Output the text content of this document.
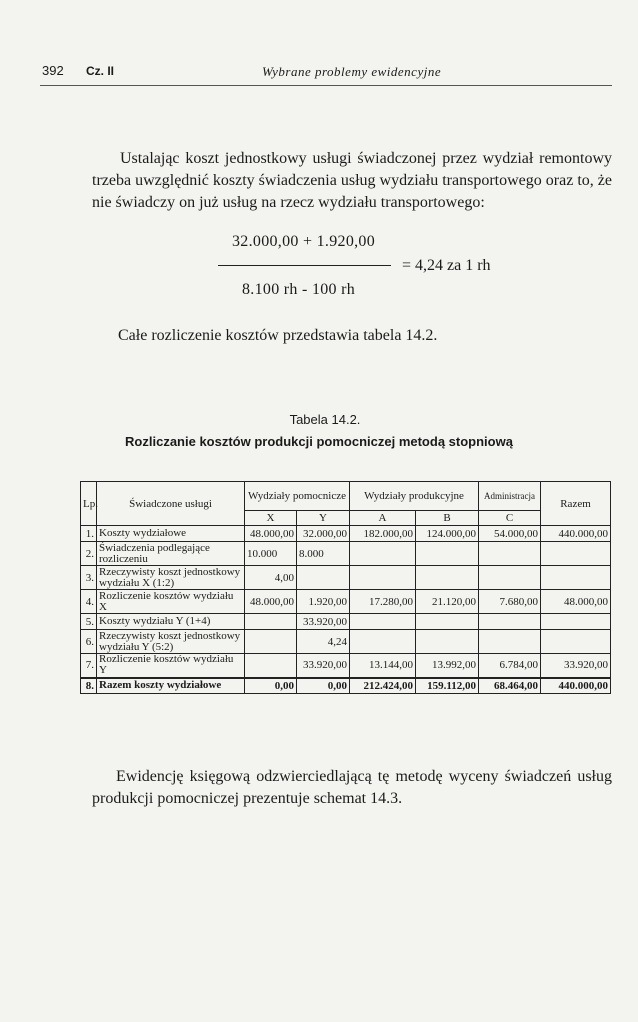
392 Cz. II	Wybrane problemy ewidencyjne
Ustalając koszt jednostkowy usługi świadczonej przez wydział remontowy trzeba uwzględnić koszty świadczenia usług wydziału transportowego oraz to, że nie świadczy on już usług na rzecz wydziału transportowego:
32.000,00 + 1.920,00
8.100 rh - 100 rh
= 4,24 za 1 rh
Całe rozliczenie kosztów przedstawia tabela 14.2.
Tabela 14.2.
Rozliczanie kosztów produkcji pomocniczej metodą stopniową
Lp.	Świadczone usługi	Wydziały pomocnicze		Wydziały produkcyjne		Administracja	Razem
		X	Y	A	B	C	
1.	Koszty wydziałowe	48.000,00	32.000,00	182.000,00	124.000,00	54.000,00	440.000,00
2.	Świadczenia podlegające rozliczeniu	10.000	8.000				
3.	Rzeczywisty koszt jednostkowy wydziału X (1:2)	4,00					
4.	Rozliczenie kosztów wydziału X	48.000,00	1.920,00	17.280,00	21.120,00	7.680,00	48.000,00
5.	Koszty wydziału Y (1+4)		33.920,00				
6.	Rzeczywisty koszt jednostkowy wydziału Y (5:2)		4,24				
7.	Rozliczenie kosztów wydziału Y		33.920,00	13.144,00	13.992,00	6.784,00	33.920,00
8.	Razem koszty wydziałowe	0,00	0,00	212.424,00	159.112,00	68.464,00	440.000,00
Ewidencję księgową odzwierciedlającą tę metodę wyceny świadczeń usług produkcji pomocniczej prezentuje schemat 14.3.
